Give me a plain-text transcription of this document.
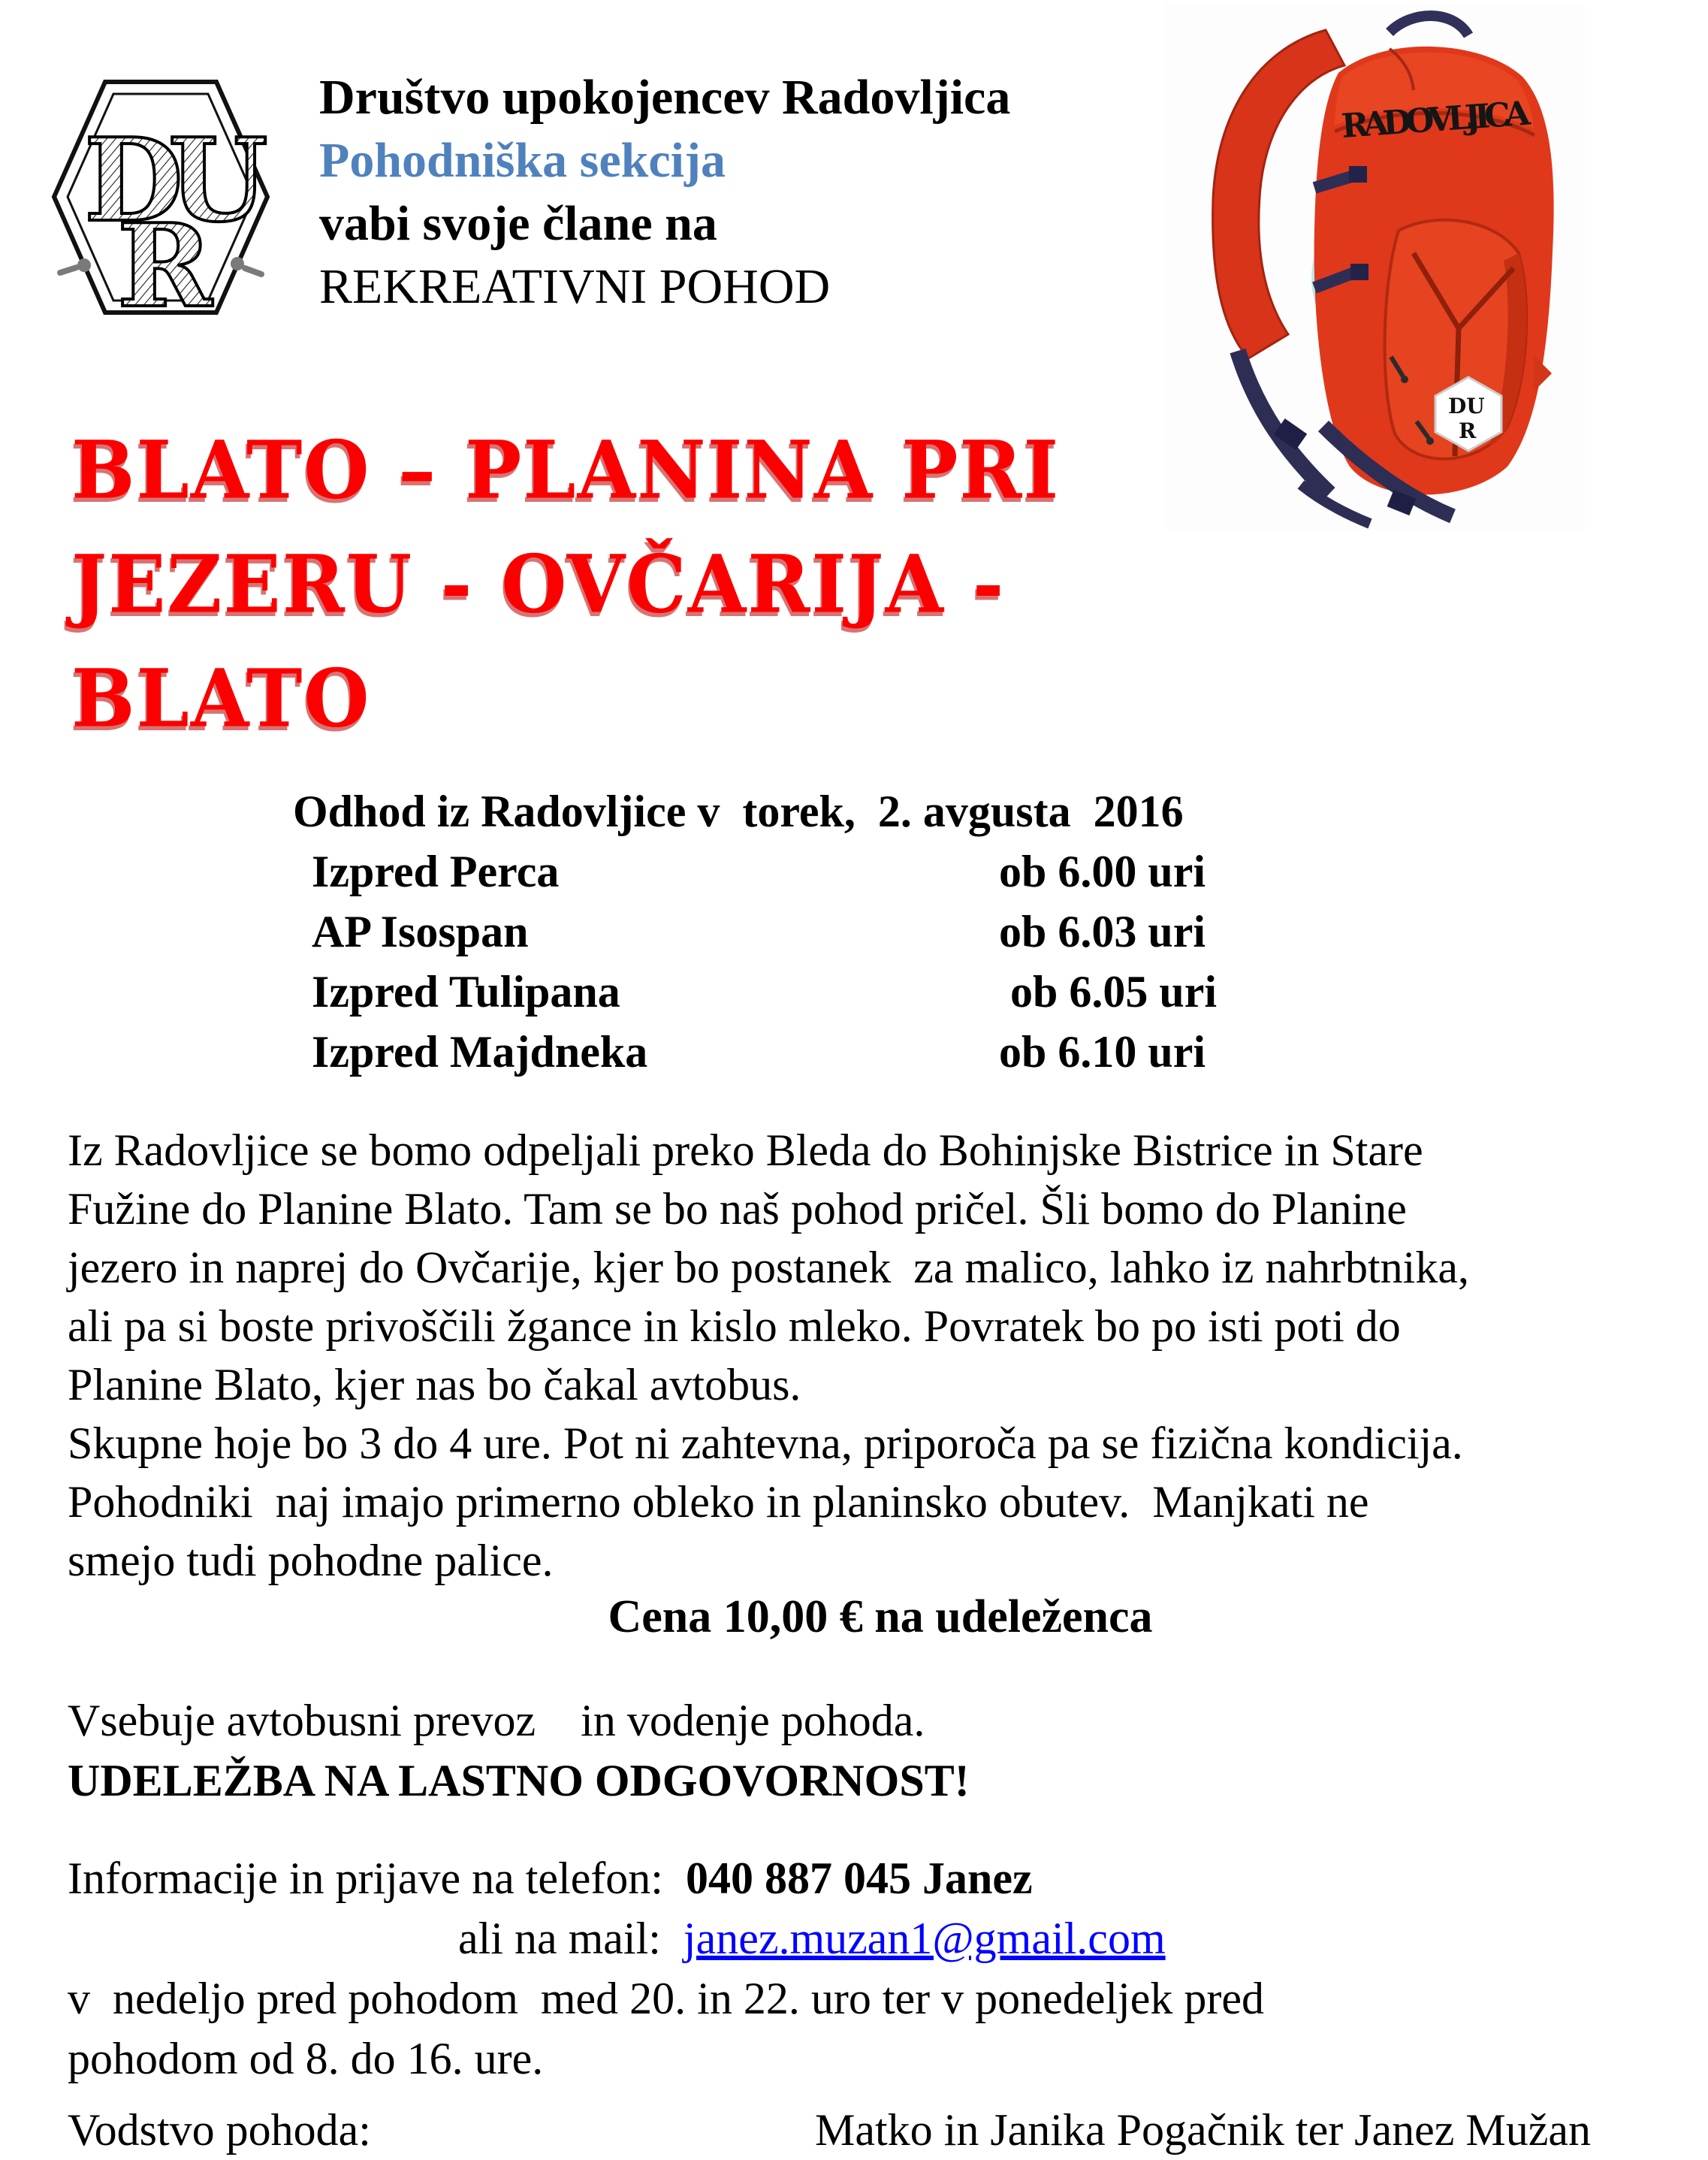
D
U
R
Društvo upokojencev Radovljica
Pohodniška sekcija
vabi svoje člane na
REKREATIVNI POHOD
RADOVLJICA
DU
R
BLATO – PLANINA PRI
JEZERU - OVČARIJA -
BLATO
Odhod iz Radovljice v  torek,  2. avgusta  2016
Izpred Perca	ob 6.00 uri
AP Isospan	ob 6.03 uri
Izpred Tulipana	ob 6.05 uri
Izpred Majdneka	ob 6.10 uri
Iz Radovljice se bomo odpeljali preko Bleda do Bohinjske Bistrice in Stare
Fužine do Planine Blato. Tam se bo naš pohod pričel. Šli bomo do Planine
jezero in naprej do Ovčarije, kjer bo postanek  za malico, lahko iz nahrbtnika,
ali pa si boste privoščili žgance in kislo mleko. Povratek bo po isti poti do
Planine Blato, kjer nas bo čakal avtobus.
Skupne hoje bo 3 do 4 ure. Pot ni zahtevna, priporoča pa se fizična kondicija.
Pohodniki  naj imajo primerno obleko in planinsko obutev.  Manjkati ne
smejo tudi pohodne palice.
Cena 10,00 € na udeleženca
Vsebuje avtobusni prevoz    in vodenje pohoda.
UDELEŽBA NA LASTNO ODGOVORNOST!
Informacije in prijave na telefon:  040 887 045 Janez
ali na mail:  janez.muzan1@gmail.com
v  nedeljo pred pohodom  med 20. in 22. uro ter v ponedeljek pred
pohodom od 8. do 16. ure.
Vodstvo pohoda:	Matko in Janika Pogačnik ter Janez Mužan
